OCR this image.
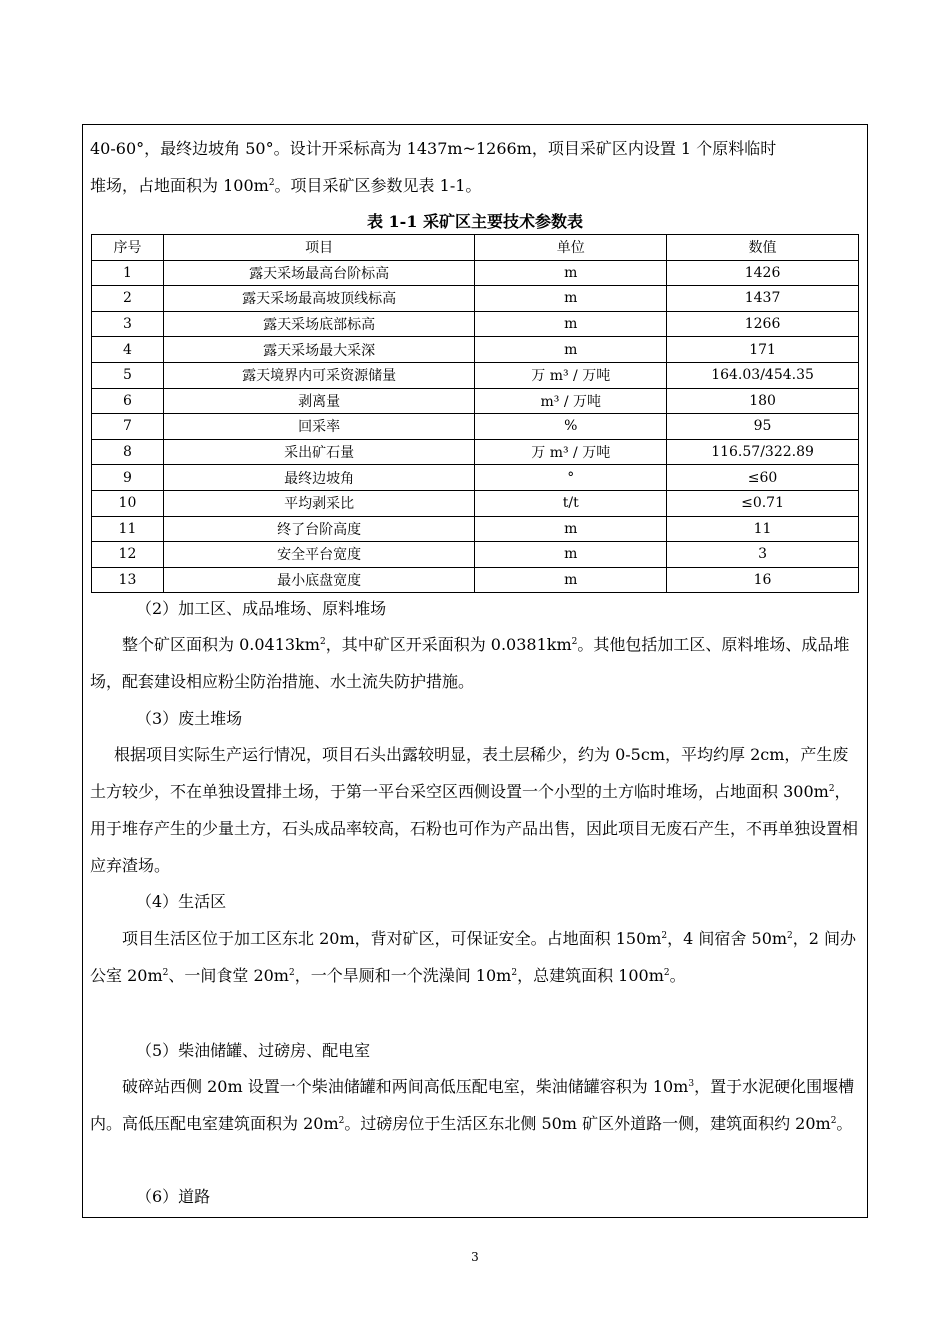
40-60°，最终边坡角 50°。设计开采标高为 1437m~1266m，项目采矿区内设置 1 个原料临时
堆场，占地面积为 $100m^2$。项目采矿区参数见表 1-1。

表 1-1 采矿区主要技术参数表
序号	项目	单位	数值
1	露天采场最高台阶标高	m	1426
2	露天采场最高坡顶线标高	m	1437
3	露天采场底部标高	m	1266
4	露天采场最大采深	m	171
5	露天境界内可采资源储量	万 m³ / 万吨	164.03/454.35
6	剥离量	m³ / 万吨	180
7	回采率	%	95
8	采出矿石量	万 m³ / 万吨	116.57/322.89
9	最终边坡角	°	≤60
10	平均剥采比	t/t	≤0.71
11	终了台阶高度	m	11
12	安全平台宽度	m	3
13	最小底盘宽度	m	16

（2）加工区、成品堆场、原料堆场

整个矿区面积为 $0.0413km^2$，其中矿区开采面积为 $0.0381km^2$。其他包括加工区、原料堆场、成品堆场，配套建设相应粉尘防治措施、水土流失防护措施。

（3）废土堆场

根据项目实际生产运行情况，项目石头出露较明显，表土层稀少，约为 0-5cm，平均约厚 2cm，产生废土方较少，不在单独设置排土场，于第一平台采空区西侧设置一个小型的土方临时堆场，占地面积 $300m^2$，用于堆存产生的少量土方，石头成品率较高，石粉也可作为产品出售，因此项目无废石产生，不再单独设置相应弃渣场。

（4）生活区

项目生活区位于加工区东北 20m，背对矿区，可保证安全。占地面积 $150m^2$，4 间宿舍 $50m^2$，2 间办公室 $20m^2$、一间食堂 $20m^2$，一个旱厕和一个洗澡间 $10m^2$，总建筑面积 $100m^2$。

（5）柴油储罐、过磅房、配电室

破碎站西侧 20m 设置一个柴油储罐和两间高低压配电室，柴油储罐容积为 $10m^3$，置于水泥硬化围堰槽内。高低压配电室建筑面积为 $20m^2$。过磅房位于生活区东北侧 50m 矿区外道路一侧，建筑面积约 $20m^2$。

（6）道路

3
